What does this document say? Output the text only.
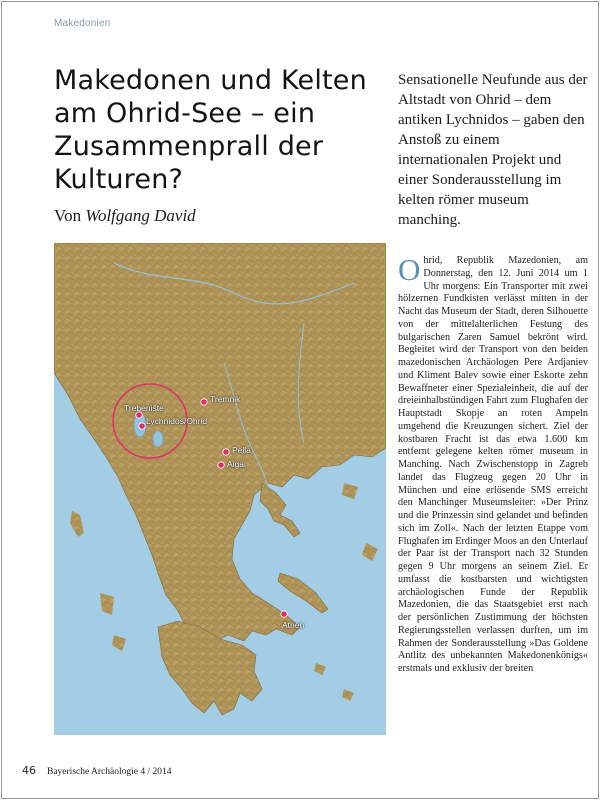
Makedonien
Makedonen und Kelten am Ohrid-See – ein Zusammenprall der Kulturen?
Von Wolfgang David

Sensationelle Neufunde aus der Altstadt von Ohrid – dem antiken Lychnidos – gaben den Anstoß zu einem internationalen Projekt und einer Sonderausstellung im kelten römer museum manching.

Tremnik
Trebenište
Lychnidos/Ohrid
Pella
Aigai
Athen

Ohrid, Republik Mazedonien, am Donnerstag, den 12. Juni 2014 um 1 Uhr morgens: Ein Transporter mit zwei hölzernen Fundkisten verlässt mitten in der Nacht das Museum der Stadt, deren Silhouette von der mittelalterlichen Festung des bulgarischen Zaren Samuel bekrönt wird. Begleitet wird der Transport von den beiden mazedonischen Archäologen Pere Ardjaniev und Kliment Balev sowie einer Eskorte zehn Bewaffneter einer Spezialeinheit, die auf der dreieinhalbstündigen Fahrt zum Flughafen der Hauptstadt Skopje an roten Ampeln umgehend die Kreuzungen sichert. Ziel der kostbaren Fracht ist das etwa 1.600 km entfernt gelegene kelten römer museum in Manching. Nach Zwischenstopp in Zagreb landet das Flugzeug gegen 20 Uhr in München und eine erlösende SMS erreicht den Manchinger Museumsleiter: »Der Prinz und die Prinzessin sind gelandet und befinden sich im Zoll«. Nach der letzten Etappe vom Flughafen im Erdinger Moos an den Unterlauf der Paar ist der Transport nach 32 Stunden gegen 9 Uhr morgens an seinem Ziel. Er umfasst die kostbarsten und wichtigsten archäologischen Funde der Republik Mazedonien, die das Staatsgebiet erst nach der persönlichen Zustimmung der höchsten Regierungsstellen verlassen durften, um im Rahmen der Sonderausstellung »Das Goldene Antlitz des unbekannten Makedonenkönigs« erstmals und exklusiv der breiten

46 Bayerische Archäologie 4 / 2014
